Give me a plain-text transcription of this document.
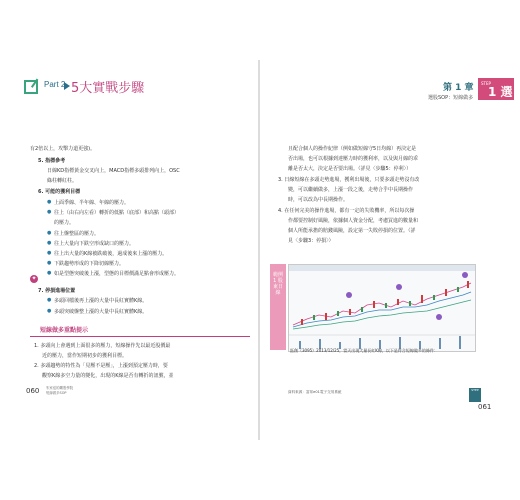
Part 2 5大實戰步驟	第 1 章
選股SOP：短線做多
STEP
1 選股
有2倍以上，攻擊力道更強)。
5. 指標參考
日線KD指標黃金交叉向上，MACD指標多頭排列向上，OSC
綠柱轉紅柱。
6. 可能的獲利目標
● 上面季線、半年線、年線的壓力。
● 往上（由右向左看）轉折的低點（底部）和高點（頭部）
的壓力。
● 往上盤整區的壓力。
● 往上大量向下跌空形成缺口的壓力。
● 往上出大量的K線被跌破後，過成後來上漲的壓力。
● 下跌趨勢形成的下降切線壓力。
● 如是型態突破後上漲，型態的目標價滿足點會形成壓力。
✦
短線做多重點提示
7. 停損進場位置
● 多頭回檔後再上漲的大量中長紅實體K線。
● 多頭突破盤整上漲的大量中長紅實體K線。
1. 多頭向上會遇到上面很多的壓力，短線操作先以最近股價最
近的壓力，當作短期初步的獲利目標。
2. 多頭趨勢的特性為「見壓不是壓」，上漲到預定壓力時，要
觀察K線多空力量的變化，出現的K線是否有轉折的訊號，並
060 朱家泓的飆股學院
短線做多SOP
且配合個人的操作紀律（例如做短線守5日均線）再決定是
否出場，也可以根據到達壓力時的獲利率，以及與月線的乖
離是否太大，決定是否要出場。（詳見〈步驟5：停利〉）
3. 日線短線在多頭走勢進場，獲利出場後，只要多頭走勢沒有改
變，可以繼續做多，上漲一段之後，走勢合乎中長期操作
時，可以改為中長期操作。
4. 在任何完美的操作進場，都有一定的失敗機率，所以每次操
作都要控制好風險，依據個人資金分配，考慮買進的數量和
個人所能承擔的賠錢風險，設定第一失敗停損的位置。（詳
見〈步驟3：停損〉）
範例1 股東日線
鈺創（3095）2013/12/25，當天出現大量長紅K線，以下是符合短線做多的條件：
資料來源：富邦e01電子交易系統	STEP
061
